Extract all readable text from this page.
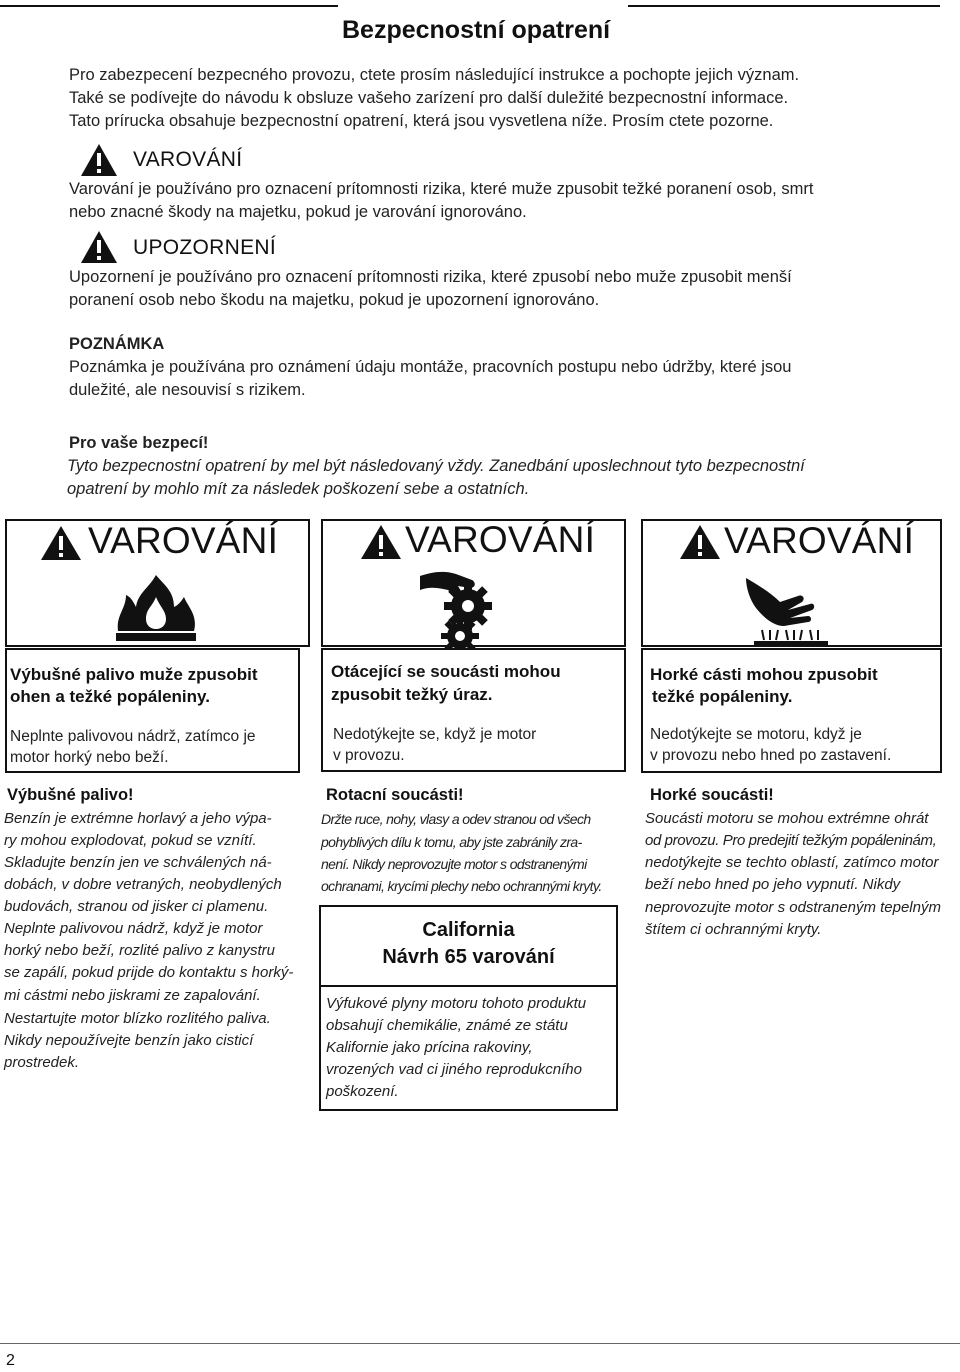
Bezpecnostní opatrení
Pro zabezpecení bezpecného provozu, ctete prosím následující instrukce a pochopte jejich význam.
Také se podívejte do návodu k obsluze vašeho zarízení pro další duležité bezpecnostní informace.
Tato prírucka obsahuje bezpecnostní opatrení, která jsou vysvetlena níže. Prosím ctete pozorne.
VAROVÁNÍ
Varování je používáno pro oznacení prítomnosti rizika, které muže zpusobit težké poranení osob, smrt
nebo znacné škody na majetku, pokud je varování ignorováno.
UPOZORNENÍ
Upozornení je používáno pro oznacení prítomnosti rizika, které zpusobí nebo muže zpusobit menší
poranení osob nebo škodu na majetku, pokud je upozornení ignorováno.
POZNÁMKA
Poznámka je používána pro oznámení údaju montáže, pracovních postupu nebo údržby, které jsou
duležité, ale nesouvisí s rizikem.
Pro vaše bezpecí!
Tyto bezpecnostní opatrení by mel být následovaný vždy. Zanedbání uposlechnout tyto bezpecnostní
opatrení by mohlo mít za následek poškození sebe a ostatních.
VAROVÁNÍ
Výbušné palivo muže zpusobit
ohen a težké popáleniny.
Neplnte palivovou nádrž, zatímco je
motor horký nebo beží.
VAROVÁNÍ
Otácející se soucásti mohou
zpusobit težký úraz.
Nedotýkejte se, když je motor
v provozu.
VAROVÁNÍ
Horké cásti mohou zpusobit
težké popáleniny.
Nedotýkejte se motoru, když je
v provozu nebo hned po zastavení.
Výbušné palivo!
Benzín je extrémne horlavý a jeho výpa-
ry mohou explodovat, pokud se vznítí.
Skladujte benzín jen ve schválených ná-
dobách, v dobre vetraných, neobydlených
budovách, stranou od jisker ci plamenu.
Neplnte palivovou nádrž, když je motor
horký nebo beží, rozlité palivo z kanystru
se zapálí, pokud prijde do kontaktu s horký-
mi cástmi nebo jiskrami ze zapalování.
Nestartujte motor blízko rozlitého paliva.
Nikdy nepoužívejte benzín jako cisticí
prostredek.
Rotacní soucásti!
Držte ruce, nohy, vlasy a odev stranou od všech
pohyblivých dílu k tomu, aby jste zabránily zra-
není. Nikdy neprovozujte motor s odstranenými
ochranami, krycími plechy nebo ochrannými kryty.
California
Návrh 65 varování
Výfukové plyny motoru tohoto produktu
obsahují chemikálie, známé ze státu
Kalifornie jako prícina rakoviny,
vrozených vad ci jiného reprodukcního
poškození.
Horké soucásti!
Soucásti motoru se mohou extrémne ohrát
od provozu. Pro predejití težkým popáleninám,
nedotýkejte se techto oblastí, zatímco motor
beží nebo hned po jeho vypnutí. Nikdy
neprovozujte motor s odstraneným tepelným
štítem ci ochrannými kryty.
2
